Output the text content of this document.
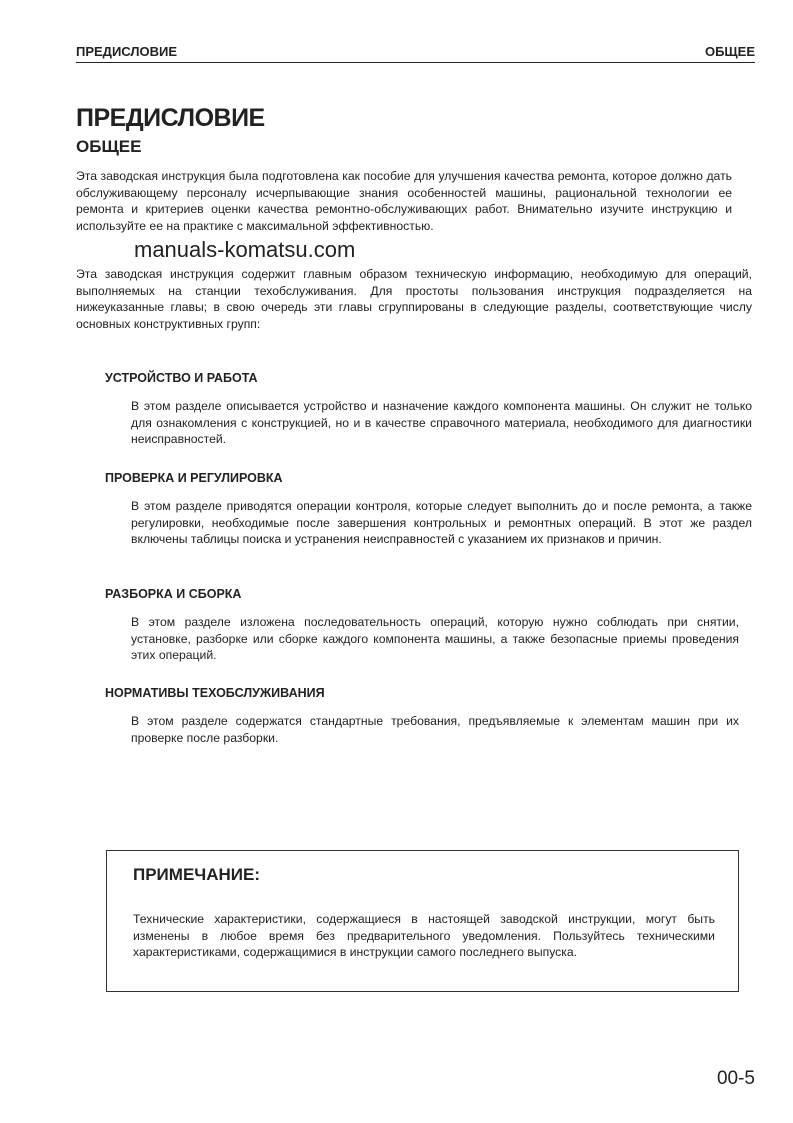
ПРЕДИСЛОВИЕ	ОБЩЕЕ
ПРЕДИСЛОВИЕ
ОБЩЕЕ
Эта заводская инструкция была подготовлена как пособие для улучшения качества ремонта, которое должно дать обслуживающему персоналу исчерпывающие знания особенностей машины, рациональной технологии ее ремонта и критериев оценки качества ремонтно-обслуживающих работ. Внимательно изучите инструкцию и используйте ее на практике с максимальной эффективностью.
manuals-komatsu.com
Эта заводская инструкция содержит главным образом техническую информацию, необходимую для операций, выполняемых на станции техобслуживания. Для простоты пользования инструкция подразделяется на нижеуказанные главы; в свою очередь эти главы сгруппированы в следующие разделы, соответствующие числу основных конструктивных групп:
УСТРОЙСТВО И РАБОТА
В этом разделе описывается устройство и назначение каждого компонента машины. Он служит не только для ознакомления с конструкцией, но и в качестве справочного материала, необходимого для диагностики неисправностей.
ПРОВЕРКА И РЕГУЛИРОВКА
В этом разделе приводятся операции контроля, которые следует выполнить до и после ремонта, а также регулировки, необходимые после завершения контрольных и ремонтных операций. В этот же раздел включены таблицы поиска и устранения неисправностей с указанием их признаков и причин.
РАЗБОРКА И СБОРКА
В этом разделе изложена последовательность операций, которую нужно соблюдать при снятии, установке, разборке или сборке каждого компонента машины, а также безопасные приемы проведения этих операций.
НОРМАТИВЫ ТЕХОБСЛУЖИВАНИЯ
В этом разделе содержатся стандартные требования, предъявляемые к элементам машин при их проверке после разборки.
ПРИМЕЧАНИЕ:
Технические характеристики, содержащиеся в настоящей заводской инструкции, могут быть изменены в любое время без предварительного уведомления. Пользуйтесь техническими характеристиками, содержащимися в инструкции самого последнего выпуска.
00-5
